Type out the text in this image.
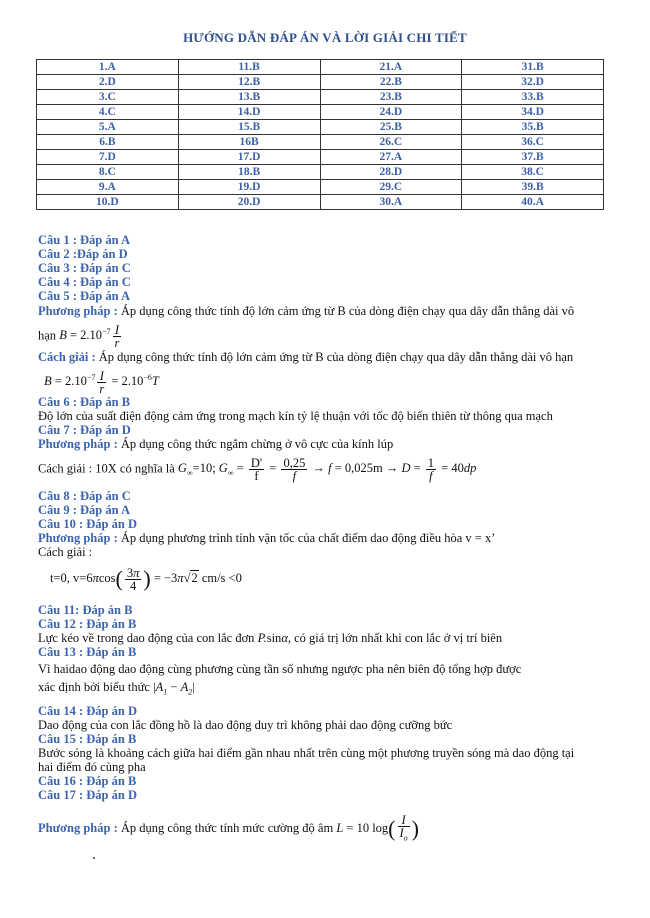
HƯỚNG DẪN ĐÁP ÁN VÀ LỜI GIẢI CHI TIẾT
1.A	11.B	21.A	31.B
2.D	12.B	22.B	32.D
3.C	13.B	23.B	33.B
4.C	14.D	24.D	34.D
5.A	15.B	25.B	35.B
6.B	16B	26.C	36.C
7.D	17.D	27.A	37.B
8.C	18.B	28.D	38.C
9.A	19.D	29.C	39.B
10.D	20.D	30.A	40.A
Câu 1 : Đáp án A
Câu 2 :Đáp án D
Câu 3 : Đáp án C
Câu 4 : Đáp án C
Câu 5 : Đáp án A
Phương pháp : Áp dụng công thức tính độ lớn cảm ứng từ B của dòng điện chạy qua dây dẫn thẳng dài vô
hạn $B = 2.10^{-7} \frac{I}{r}$
Cách giải : Áp dụng công thức tính độ lớn cảm ứng từ B của dòng điện chạy qua dây dẫn thẳng dài vô hạn
$B = 2.10^{-7} \frac{I}{r} = 2.10^{-6}T$
Câu 6 : Đáp án B
Độ lớn của suất điện động cảm ứng trong mạch kín tỷ lệ thuận với tốc độ biến thiên từ thông qua mạch
Câu 7 : Đáp án D
Phương pháp : Áp dụng công thức ngắm chừng ở vô cực của kính lúp
Cách giải : 10X có nghĩa là $G_\infty=10$; $G_\infty = \frac{D'}{f} = \frac{0,25}{f} \to f = 0,025m \to D = \frac{1}{f} = 40dp$
Câu 8 : Đáp án C
Câu 9 : Đáp án A
Câu 10 : Đáp án D
Phương pháp : Áp dụng phương trình tính vận tốc của chất điểm dao động điều hòa v = x’
Cách giải :
t=0, $v=6\pi\cos( \frac{3\pi}{4}$ ) = −3π√2 cm/s <0
Câu 11: Đáp án B
Câu 12 : Đáp án B
Lực kéo về trong dao động của con lắc đơn P.sinα, có giá trị lớn nhất khi con lắc ở vị trí biên
Câu 13 : Đáp án B
Vì haidao động dao động cùng phương cùng tần số nhưng ngược pha nên biên độ tổng hợp được
xác định bởi biểu thức $|A_1 - A_2|$
Câu 14 : Đáp án D
Dao động của con lắc đồng hồ là dao động duy trì không phải dao động cưỡng bức
Câu 15 : Đáp án B
Bước sóng là khoảng cách giữa hai điểm gần nhau nhất trên cùng một phương truyền sóng mà dao động tại
hai điểm đó cùng pha
Câu 16 : Đáp án B
Câu 17 : Đáp án D
Phương pháp : Áp dụng công thức tính mức cường độ âm L = 10 $\log( \frac{I}{I_o}$ )
